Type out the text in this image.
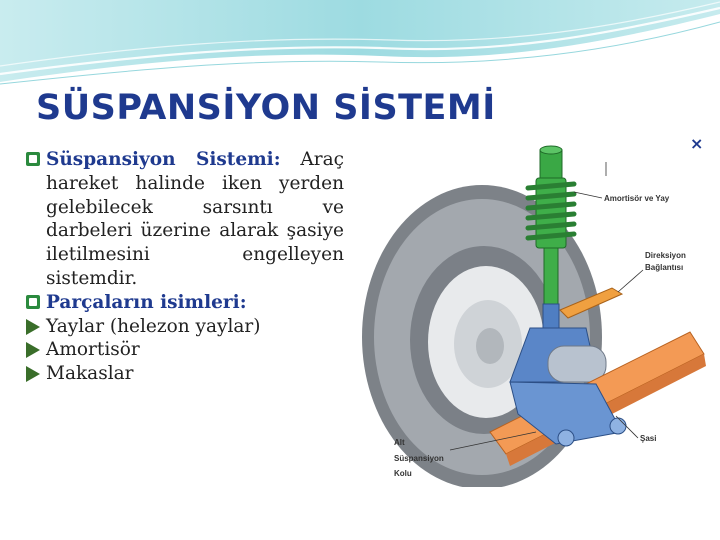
SÜSPANSİYON SİSTEMİ
Süspansiyon Sistemi: Araç hareket halinde iken yerden gelebilecek sarsıntı ve darbeleri üzerine alarak şasiye iletilmesini engelleyen sistemdir.
Parçaların isimleri:
Yaylar (helezon yaylar)
Amortisör
Makaslar
Amortisör ve Yay
Direksiyon
Bağlantısı
Alt
Süspansiyon
Kolu
Şasi
×
